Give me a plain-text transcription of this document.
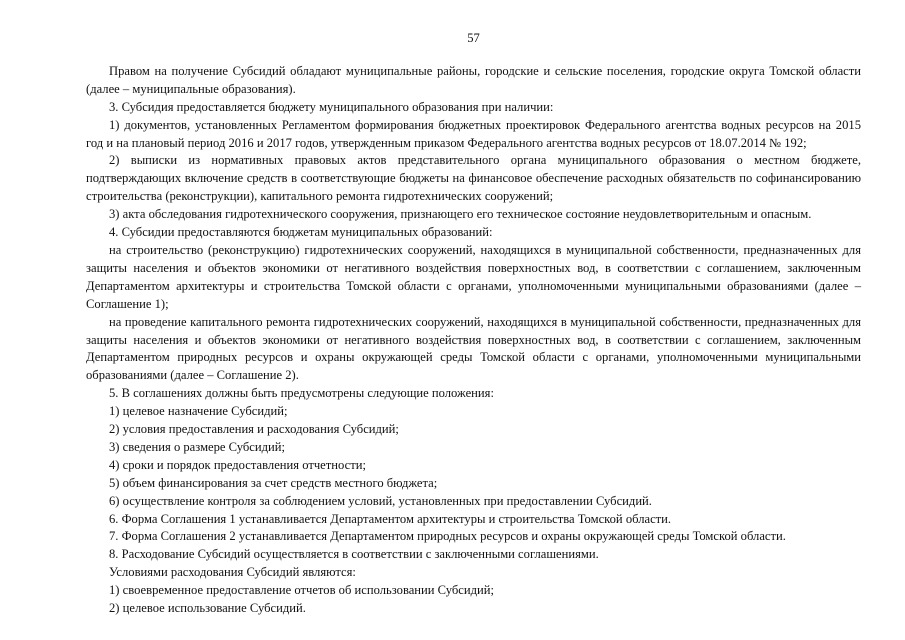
57

Правом на получение Субсидий обладают муниципальные районы, городские и сельские поселения, городские округа Томской области (далее – муниципальные образования).

3. Субсидия предоставляется бюджету муниципального образования при наличии:

1) документов, установленных Регламентом формирования бюджетных проектировок Федерального агентства водных ресурсов на 2015 год и на плановый период 2016 и 2017 годов, утвержденным приказом Федерального агентства водных ресурсов от 18.07.2014 № 192;

2) выписки из нормативных правовых актов представительного органа муниципального образования о местном бюджете, подтверждающих включение средств в соответствующие бюджеты на финансовое обеспечение расходных обязательств по софинансированию строительства (реконструкции), капитального ремонта гидротехнических сооружений;

3) акта обследования гидротехнического сооружения, признающего его техническое состояние неудовлетворительным и опасным.

4. Субсидии предоставляются бюджетам муниципальных образований:

на строительство (реконструкцию) гидротехнических сооружений, находящихся в муниципальной собственности, предназначенных для защиты населения и объектов экономики от негативного воздействия поверхностных вод, в соответствии с соглашением, заключенным Департаментом архитектуры и строительства Томской области с органами, уполномоченными муниципальными образованиями (далее – Соглашение 1);

на проведение капитального ремонта гидротехнических сооружений, находящихся в муниципальной собственности, предназначенных для защиты населения и объектов экономики от негативного воздействия поверхностных вод, в соответствии с соглашением, заключенным Департаментом природных ресурсов и охраны окружающей среды Томской области с органами, уполномоченными муниципальными образованиями (далее – Соглашение 2).

5. В соглашениях должны быть предусмотрены следующие положения:

1) целевое назначение Субсидий;

2) условия предоставления и расходования Субсидий;

3) сведения о размере Субсидий;

4) сроки и порядок предоставления отчетности;

5) объем финансирования за счет средств местного бюджета;

6) осуществление контроля за соблюдением условий, установленных при предоставлении Субсидий.

6. Форма Соглашения 1 устанавливается Департаментом архитектуры и строительства Томской области.

7. Форма Соглашения 2 устанавливается Департаментом природных ресурсов и охраны окружающей среды Томской области.

8. Расходование Субсидий осуществляется в соответствии с заключенными соглашениями.

Условиями расходования Субсидий являются:

1) своевременное предоставление отчетов об использовании Субсидий;

2) целевое использование Субсидий.
